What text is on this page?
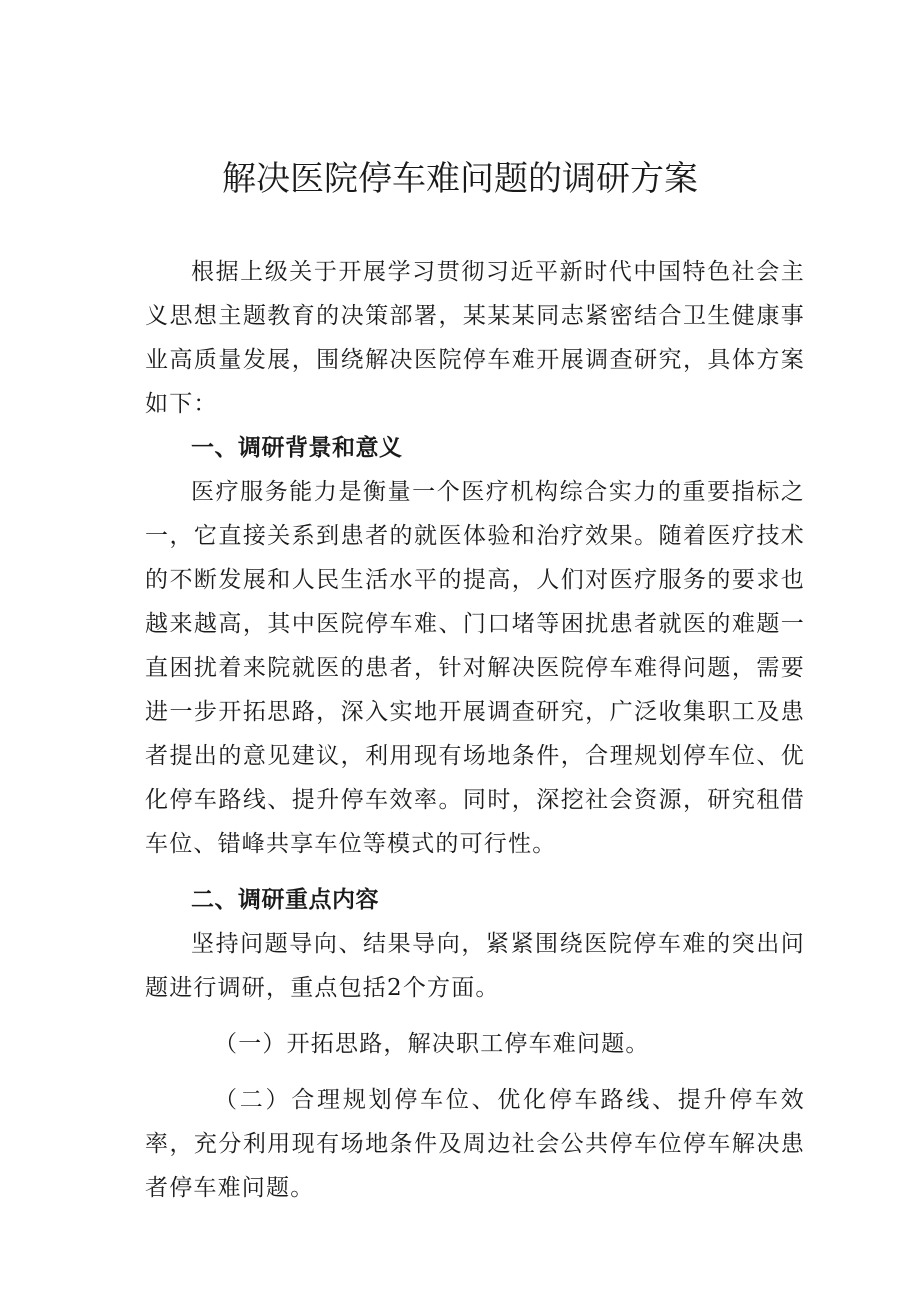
解决医院停车难问题的调研方案

根据上级关于开展学习贯彻习近平新时代中国特色社会主义思想主题教育的决策部署，某某某同志紧密结合卫生健康事业高质量发展，围绕解决医院停车难开展调查研究，具体方案如下：

一、调研背景和意义

医疗服务能力是衡量一个医疗机构综合实力的重要指标之一，它直接关系到患者的就医体验和治疗效果。随着医疗技术的不断发展和人民生活水平的提高，人们对医疗服务的要求也越来越高，其中医院停车难、门口堵等困扰患者就医的难题一直困扰着来院就医的患者，针对解决医院停车难得问题，需要进一步开拓思路，深入实地开展调查研究，广泛收集职工及患者提出的意见建议，利用现有场地条件，合理规划停车位、优化停车路线、提升停车效率。同时，深挖社会资源，研究租借车位、错峰共享车位等模式的可行性。

二、调研重点内容

坚持问题导向、结果导向，紧紧围绕医院停车难的突出问题进行调研，重点包括2个方面。

（一）开拓思路，解决职工停车难问题。

（二）合理规划停车位、优化停车路线、提升停车效率，充分利用现有场地条件及周边社会公共停车位停车解决患者停车难问题。
